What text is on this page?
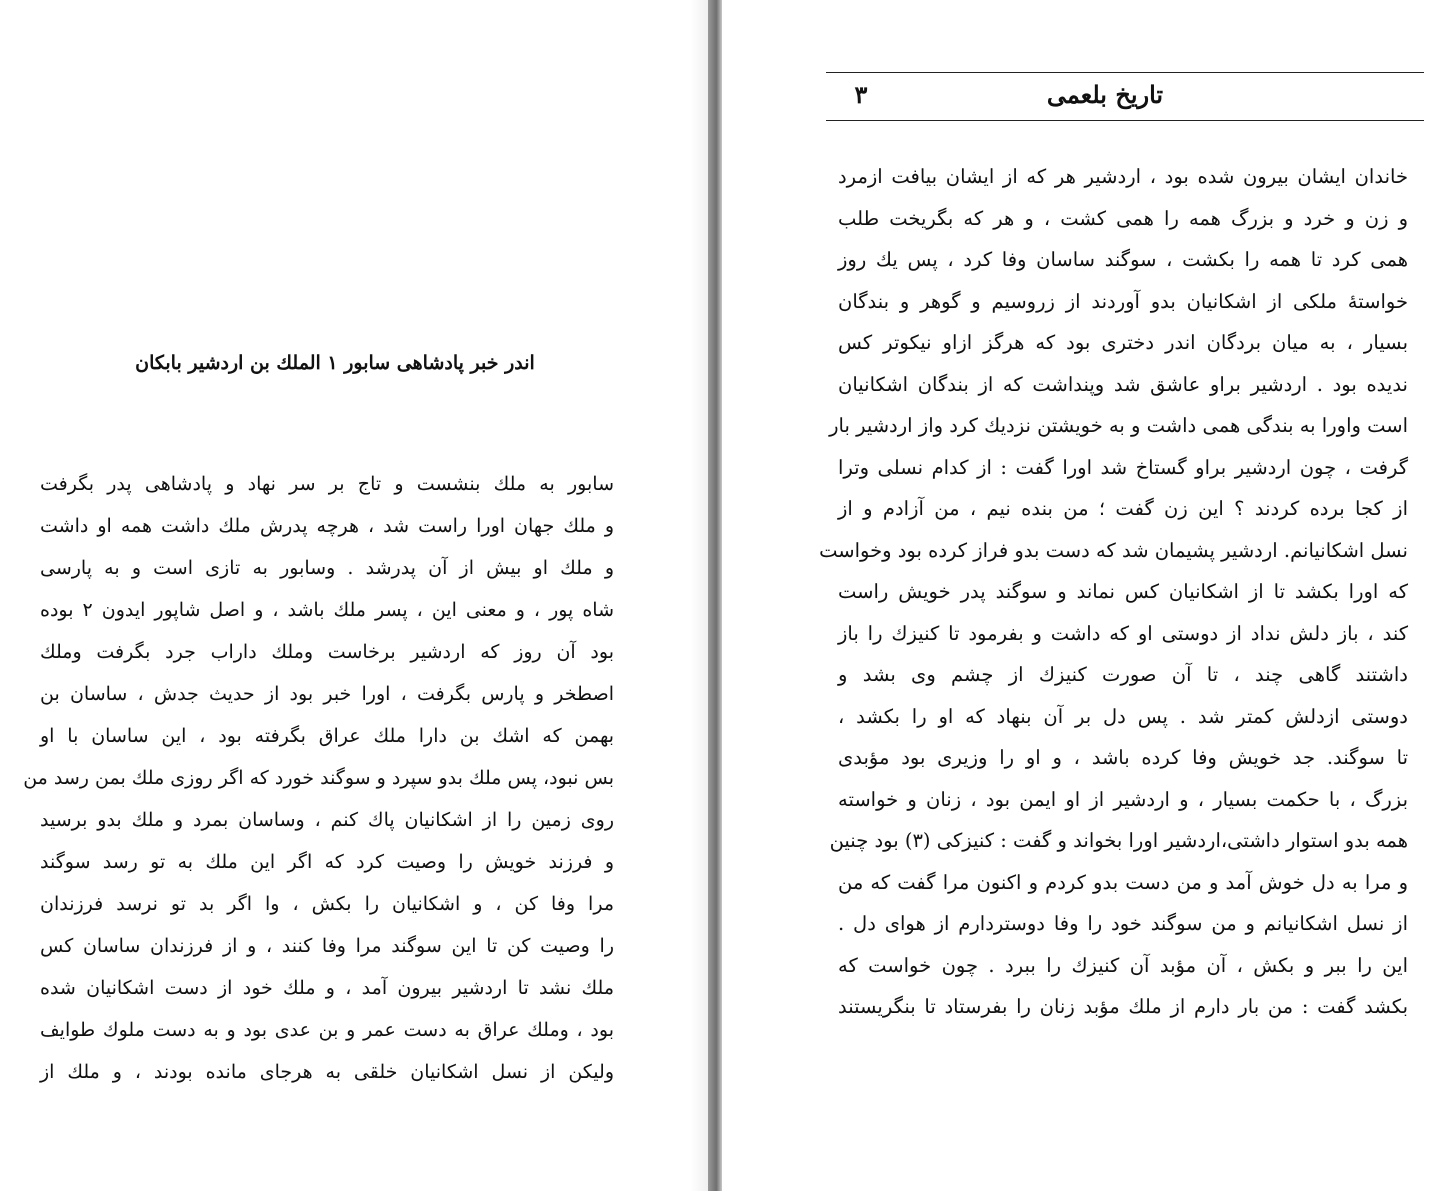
اندر خبر پادشاهی سابور ۱ الملك بن اردشیر بابکان
سابور به ملك بنشست و تاج بر سر نهاد و پادشاهی پدر بگرفت
و ملك جهان اورا راست شد ، هرچه پدرش ملك داشت همه او داشت
و ملك او بیش از آن پدرشد . وسابور به تازی است و به پارسی
شاه پور ، و معنی این ، پسر ملك باشد ، و اصل شاپور ایدون ۲ بوده
بود آن روز که اردشیر برخاست وملك داراب جرد بگرفت وملك
اصطخر و پارس بگرفت ، اورا خبر بود از حدیث جدش ، ساسان بن
بهمن که اشك بن دارا ملك عراق بگرفته بود ، این ساسان با او
بس نبود، پس ملك بدو سپرد و سوگند خورد که اگر روزی ملك بمن رسد من
روی زمین را از اشکانیان پاك کنم ، وساسان بمرد و ملك بدو برسید
و فرزند خویش را وصیت کرد که اگر این ملك به تو رسد سوگند
مرا وفا کن ، و اشکانیان را بکش ، وا اگر بد تو نرسد فرزندان
را وصیت کن تا این سوگند مرا وفا کنند ، و از فرزندان ساسان کس
ملك نشد تا اردشیر بیرون آمد ، و ملك خود از دست اشکانیان شده
بود ، وملك عراق به دست عمر و بن عدی بود و به دست ملوك طوایف
ولیکن از نسل اشکانیان خلقی به هرجای مانده بودند ، و ملك از
تاریخ بلعمی
۳
خاندان ایشان بیرون شده بود ، اردشیر هر که از ایشان بیافت ازمرد
و زن و خرد و بزرگ همه را همی کشت ، و هر که بگریخت طلب
همی کرد تا همه را بکشت ، سوگند ساسان وفا کرد ، پس یك روز
خواستهٔ ملکی از اشکانیان بدو آوردند از زروسیم و گوهر و بندگان
بسیار ، به میان بردگان اندر دختری بود که هرگز ازاو نیکوتر کس
ندیده بود . اردشیر براو عاشق شد وپنداشت که از بندگان اشکانیان
است واورا به بندگی همی داشت و به خویشتن نزدیك کرد واز اردشیر بار
گرفت ، چون اردشیر براو گستاخ شد اورا گفت : از کدام نسلی وترا
از کجا برده کردند ؟ این زن گفت ؛ من بنده نیم ، من آزادم و از
نسل اشکانیانم. اردشیر پشیمان شد که دست بدو فراز کرده بود وخواست
که اورا بکشد تا از اشکانیان کس نماند و سوگند پدر خویش راست
کند ، باز دلش نداد از دوستی او که داشت و بفرمود تا کنیزك را باز
داشتند گاهی چند ، تا آن صورت کنیزك از چشم وی بشد و
دوستی ازدلش کمتر شد . پس دل بر آن بنهاد که او را بکشد ،
تا سوگند. جد خویش وفا کرده باشد ، و او را وزیری بود مؤبدی
بزرگ ، با حکمت بسیار ، و اردشیر از او ایمن بود ، زنان و خواسته
همه بدو استوار داشتی،اردشیر اورا بخواند و گفت : کنیزکی (۳) بود چنین
و مرا به دل خوش آمد و من دست بدو کردم و اکنون مرا گفت که من
از نسل اشکانیانم و من سوگند خود را وفا دوستردارم از هوای دل .
این را ببر و بکش ، آن مؤبد آن کنیزك را ببرد . چون خواست که
بکشد گفت : من بار دارم از ملك مؤبد زنان را بفرستاد تا بنگریستند
